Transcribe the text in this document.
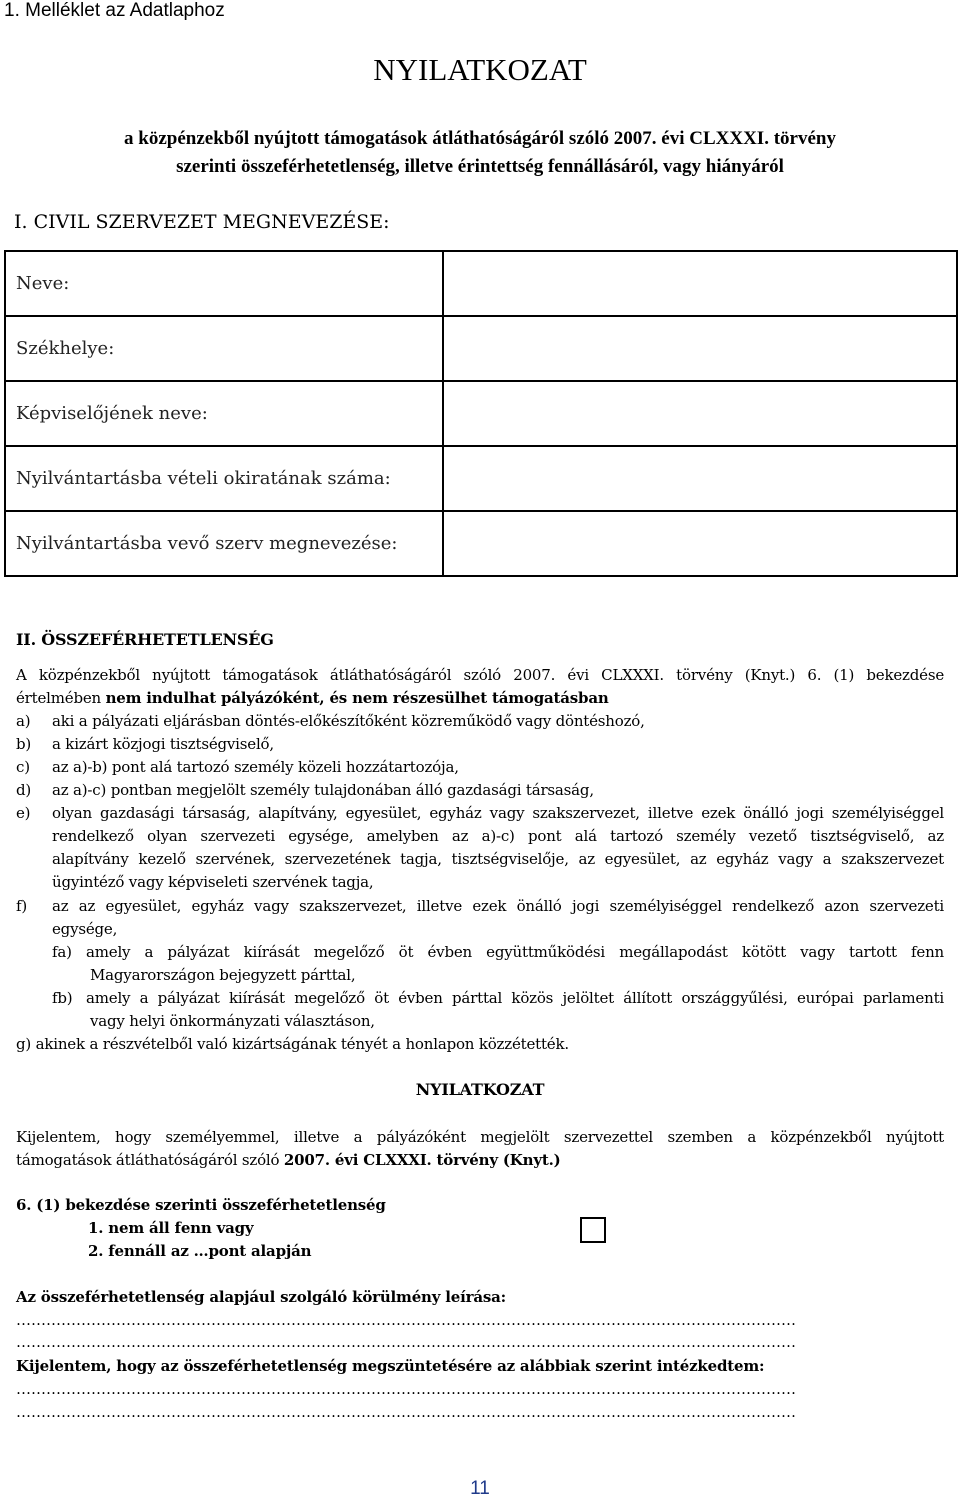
1. Melléklet az Adatlaphoz
NYILATKOZAT
a közpénzekből nyújtott támogatások átláthatóságáról szóló 2007. évi CLXXXI. törvény
szerinti összeférhetetlenség, illetve érintettség fennállásáról, vagy hiányáról
I. CIVIL SZERVEZET MEGNEVEZÉSE:
Neve:	
Székhelye:	
Képviselőjének neve:	
Nyilvántartásba vételi okiratának száma:	
Nyilvántartásba vevő szerv megnevezése:	
II. ÖSSZEFÉRHETETLENSÉG
A közpénzekből nyújtott támogatások átláthatóságáról szóló 2007. évi CLXXXI. törvény (Knyt.) 6. (1) bekezdése
értelmében nem indulhat pályázóként, és nem részesülhet támogatásban
a) aki a pályázati eljárásban döntés-előkészítőként közreműködő vagy döntéshozó,
b) a kizárt közjogi tisztségviselő,
c) az a)-b) pont alá tartozó személy közeli hozzátartozója,
d) az a)-c) pontban megjelölt személy tulajdonában álló gazdasági társaság,
e) olyan gazdasági társaság, alapítvány, egyesület, egyház vagy szakszervezet, illetve ezek önálló jogi személyiséggel
rendelkező olyan szervezeti egysége, amelyben az a)-c) pont alá tartozó személy vezető tisztségviselő, az
alapítvány kezelő szervének, szervezetének tagja, tisztségviselője, az egyesület, az egyház vagy a szakszervezet
ügyintéző vagy képviseleti szervének tagja,
f) az az egyesület, egyház vagy szakszervezet, illetve ezek önálló jogi személyiséggel rendelkező azon szervezeti
egysége,
fa) amely a pályázat kiírását megelőző öt évben együttműködési megállapodást kötött vagy tartott fenn
Magyarországon bejegyzett párttal,
fb) amely a pályázat kiírását megelőző öt évben párttal közös jelöltet állított országgyűlési, európai parlamenti
vagy helyi önkormányzati választáson,
g) akinek a részvételből való kizártságának tényét a honlapon közzétették.
NYILATKOZAT
Kijelentem, hogy személyemmel, illetve a pályázóként megjelölt szervezettel szemben a közpénzekből nyújtott
támogatások átláthatóságáról szóló 2007. évi CLXXXI. törvény (Knyt.)
6. (1) bekezdése szerinti összeférhetetlenség
1. nem áll fenn vagy
2. fennáll az …pont alapján
Az összeférhetetlenség alapjául szolgáló körülmény leírása:
…………………………………………………………………………………………………………………………………………
…………………………………………………………………………………………………………………………………………
Kijelentem, hogy az összeférhetetlenség megszüntetésére az alábbiak szerint intézkedtem:
…………………………………………………………………………………………………………………………………………
…………………………………………………………………………………………………………………………………………
11
